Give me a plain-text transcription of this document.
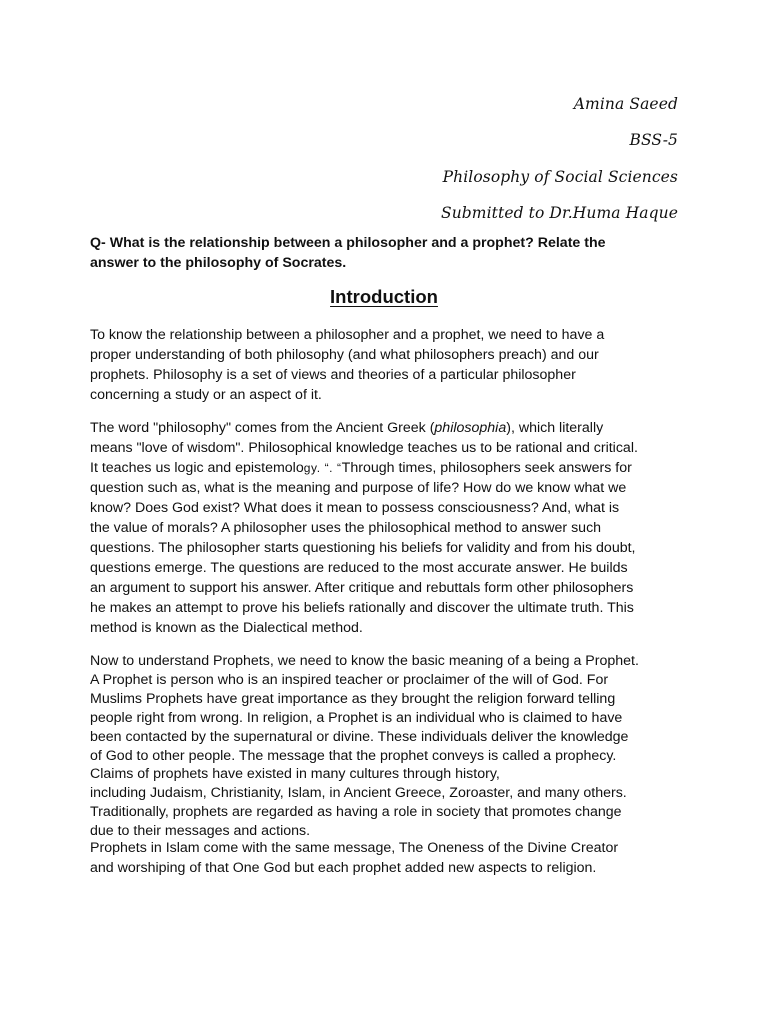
Amina Saeed
BSS-5
Philosophy of Social Sciences
Submitted to Dr.Huma Haque
Q- What is the relationship between a philosopher and a prophet? Relate the
answer to the philosophy of Socrates.
Introduction
To know the relationship between a philosopher and a prophet, we need to have a
proper understanding of both philosophy (and what philosophers preach) and our
prophets. Philosophy is a set of views and theories of a particular philosopher
concerning a study or an aspect of it.
The word "philosophy" comes from the Ancient Greek (philosophia), which literally
means "love of wisdom". Philosophical knowledge teaches us to be rational and critical.
It teaches us logic and epistemology. “. “Through times, philosophers seek answers for
question such as, what is the meaning and purpose of life? How do we know what we
know? Does God exist? What does it mean to possess consciousness? And, what is
the value of morals? A philosopher uses the philosophical method to answer such
questions. The philosopher starts questioning his beliefs for validity and from his doubt,
questions emerge. The questions are reduced to the most accurate answer. He builds
an argument to support his answer. After critique and rebuttals form other philosophers
he makes an attempt to prove his beliefs rationally and discover the ultimate truth. This
method is known as the Dialectical method.
Now to understand Prophets, we need to know the basic meaning of a being a Prophet.
A Prophet is person who is an inspired teacher or proclaimer of the will of God. For
Muslims Prophets have great importance as they brought the religion forward telling
people right from wrong. In religion, a Prophet is an individual who is claimed to have
been contacted by the supernatural or divine. These individuals deliver the knowledge
of God to other people. The message that the prophet conveys is called a prophecy.
Claims of prophets have existed in many cultures through history,
including Judaism, Christianity, Islam, in Ancient Greece, Zoroaster, and many others.
Traditionally, prophets are regarded as having a role in society that promotes change
due to their messages and actions.
Prophets in Islam come with the same message, The Oneness of the Divine Creator
and worshiping of that One God but each prophet added new aspects to religion.
